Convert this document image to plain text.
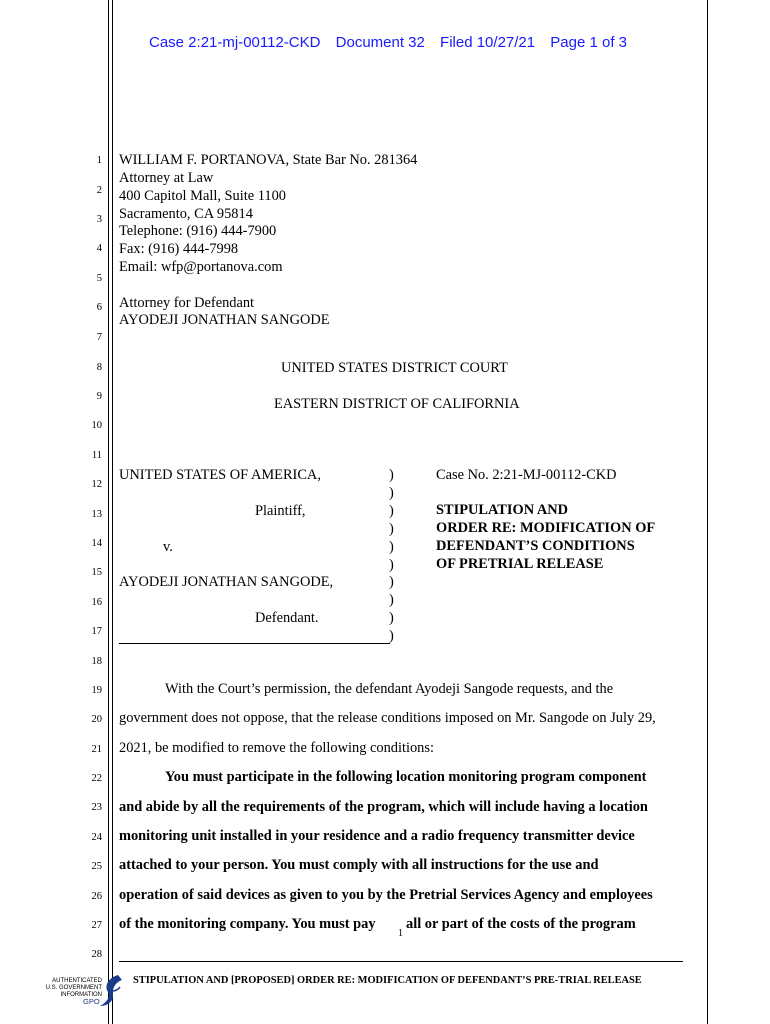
Case 2:21-mj-00112-CKD Document 32 Filed 10/27/21 Page 1 of 3
1
2
3
4
5
6
7
8
9
10
11
12
13
14
15
16
17
18
19
20
21
22
23
24
25
26
27
28
WILLIAM F. PORTANOVA, State Bar No. 281364
Attorney at Law
400 Capitol Mall, Suite 1100
Sacramento, CA 95814
Telephone: (916) 444-7900
Fax: (916) 444-7998
Email: wfp@portanova.com
Attorney for Defendant
AYODEJI JONATHAN SANGODE
UNITED STATES DISTRICT COURT
EASTERN DISTRICT OF CALIFORNIA
UNITED STATES OF AMERICA,
Plaintiff,
v.
AYODEJI JONATHAN SANGODE,
Defendant.
)
)
)
)
)
)
)
)
)
)
Case No. 2:21-MJ-00112-CKD
STIPULATION AND
ORDER RE: MODIFICATION OF
DEFENDANT’S CONDITIONS
OF PRETRIAL RELEASE
With the Court’s permission, the defendant Ayodeji Sangode requests, and the
government does not oppose, that the release conditions imposed on Mr. Sangode on July 29,
2021, be modified to remove the following conditions:
You must participate in the following location monitoring program component
and abide by all the requirements of the program, which will include having a location
monitoring unit installed in your residence and a radio frequency transmitter device
attached to your person. You must comply with all instructions for the use and
operation of said devices as given to you by the Pretrial Services Agency and employees
of the monitoring company. You must pay
1
all or part of the costs of the program
STIPULATION AND [PROPOSED] ORDER RE: MODIFICATION OF DEFENDANT’S PRE-TRIAL RELEASE
AUTHENTICATED
U.S. GOVERNMENT
INFORMATION
GPO
